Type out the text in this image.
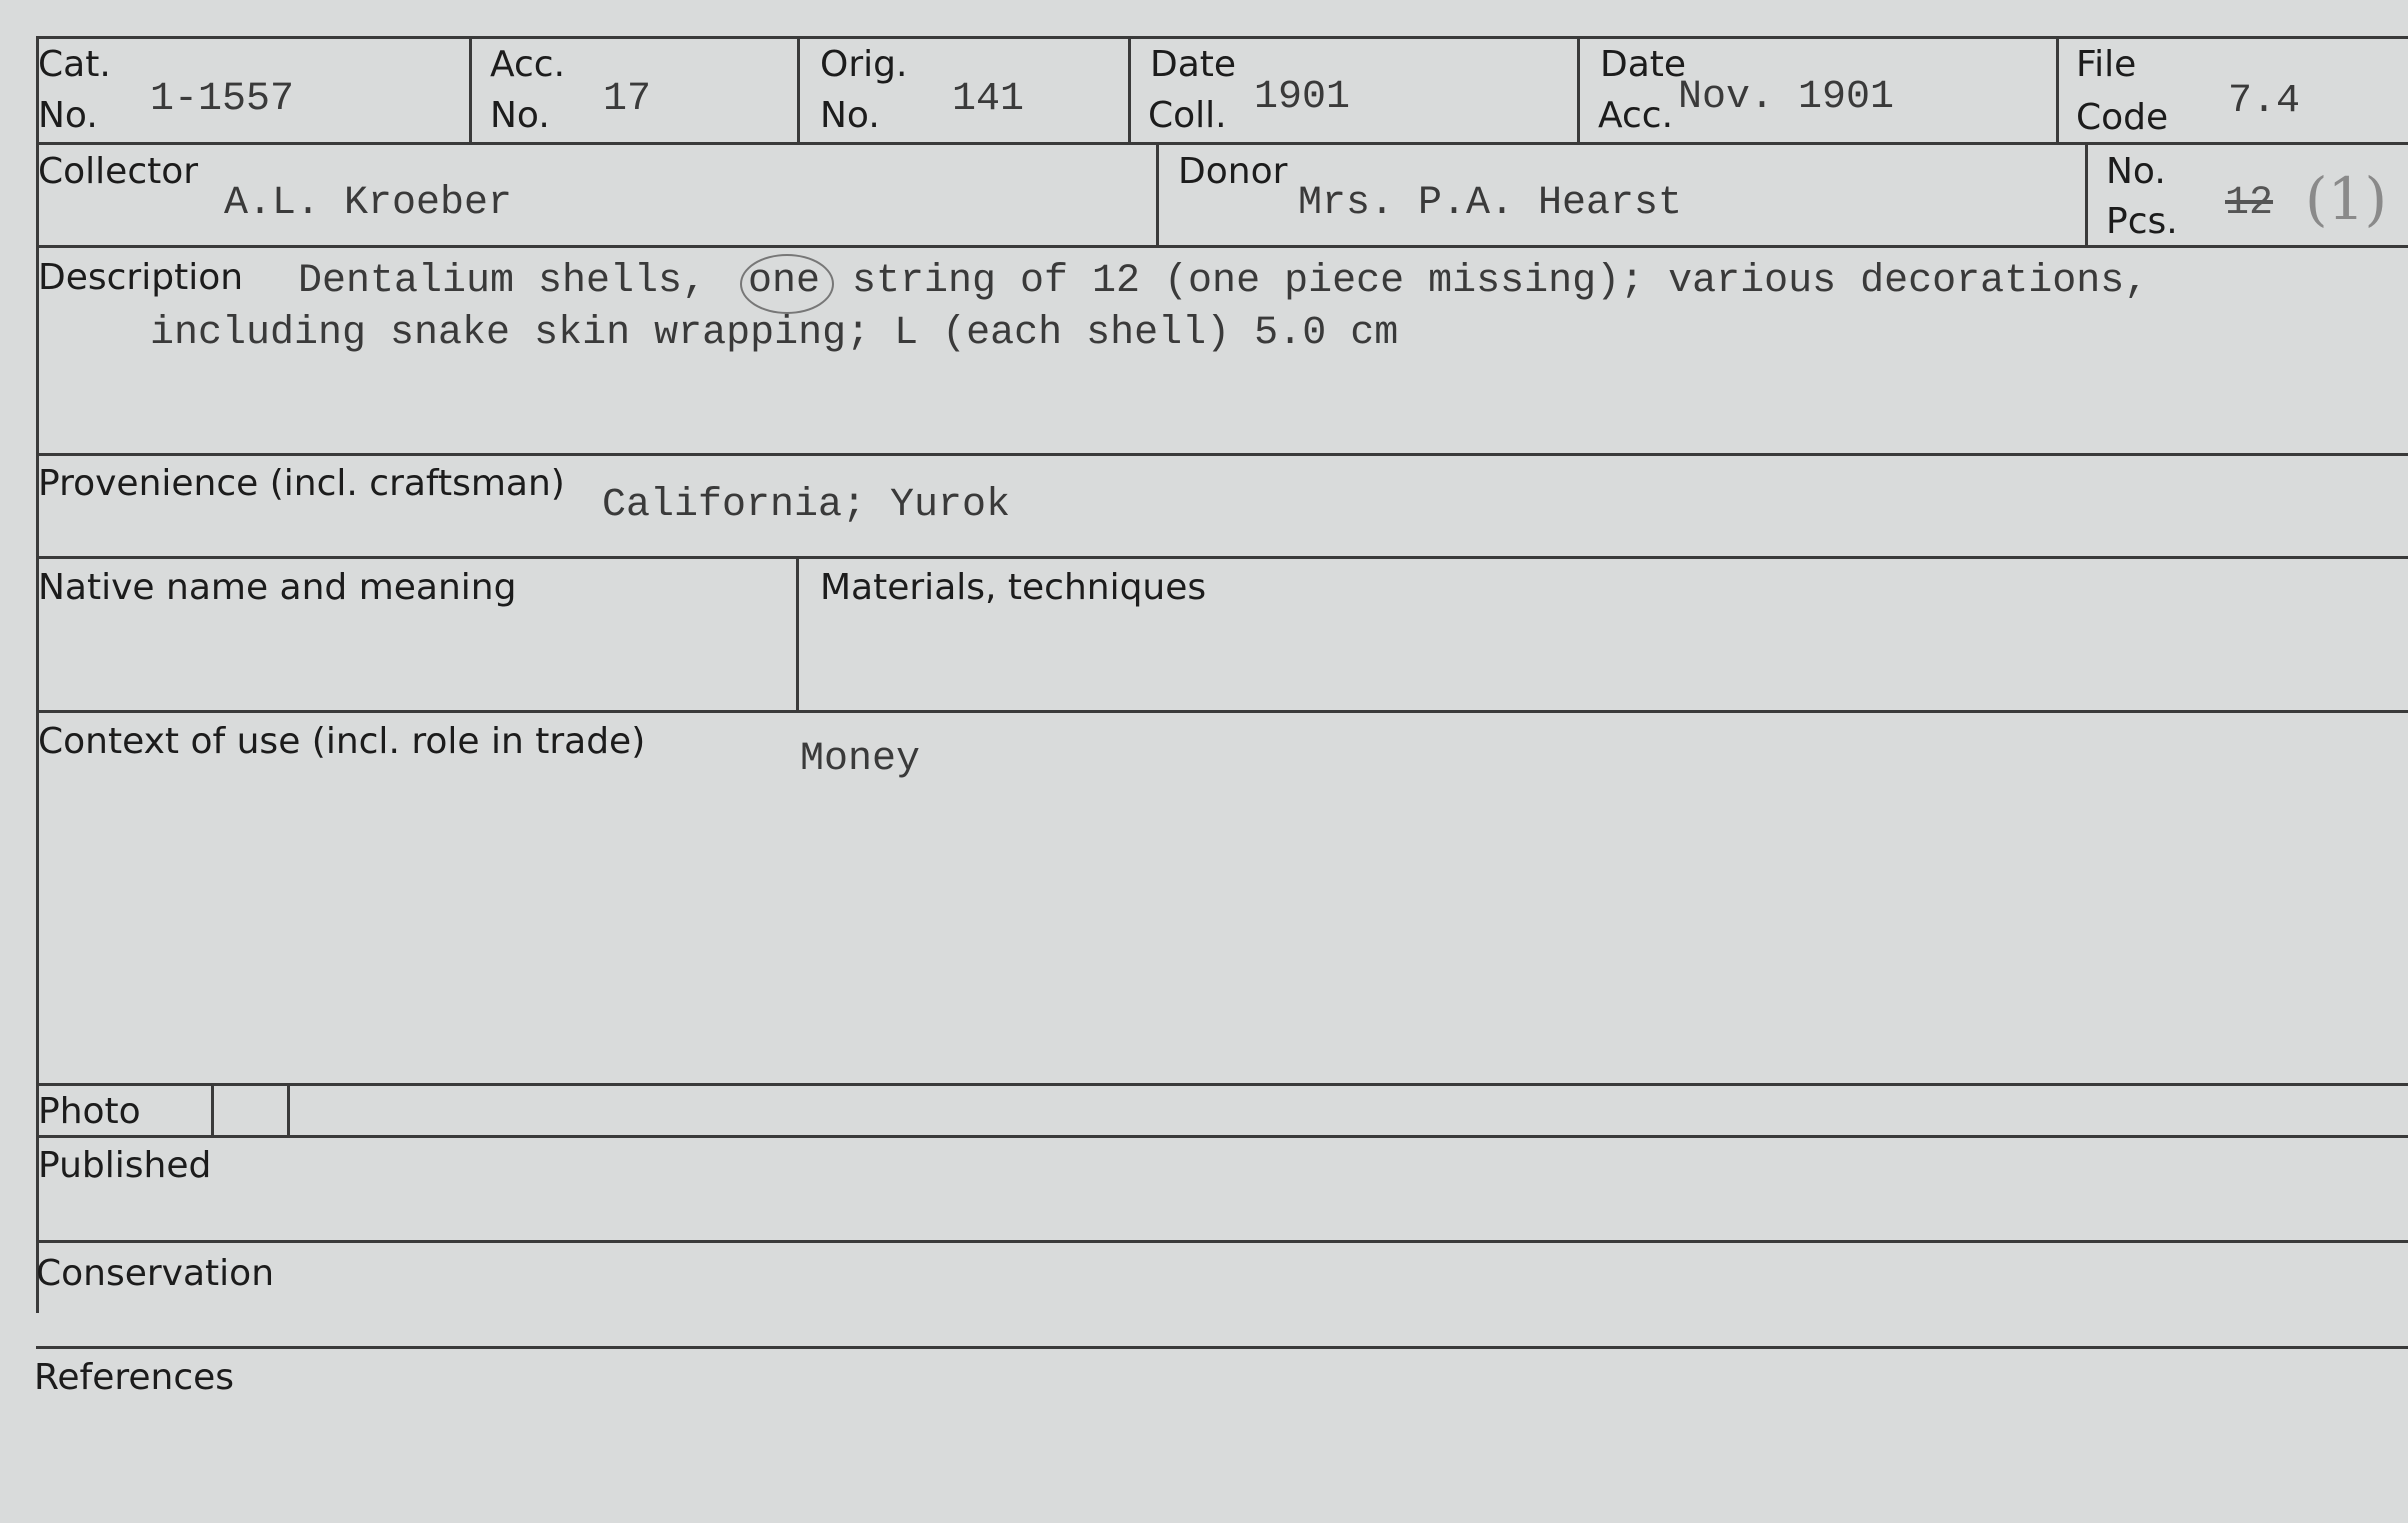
Cat.
No. 1-1557
Acc.
No. 17
Orig.
No. 141
Date
Coll. 1901
Date
Acc. Nov. 1901
File
Code 7.4
Collector
A.L. Kroeber
Donor
Mrs. P.A. Hearst
No.
Pcs. 12 (1)
Description Dentalium shells, one string of 12 (one piece missing); various decorations,
including snake skin wrapping; L (each shell) 5.0 cm
Provenience (incl. craftsman) California; Yurok
Native name and meaning	Materials, techniques
Context of use (incl. role in trade)	Money
Photo
Published
Conservation
References
